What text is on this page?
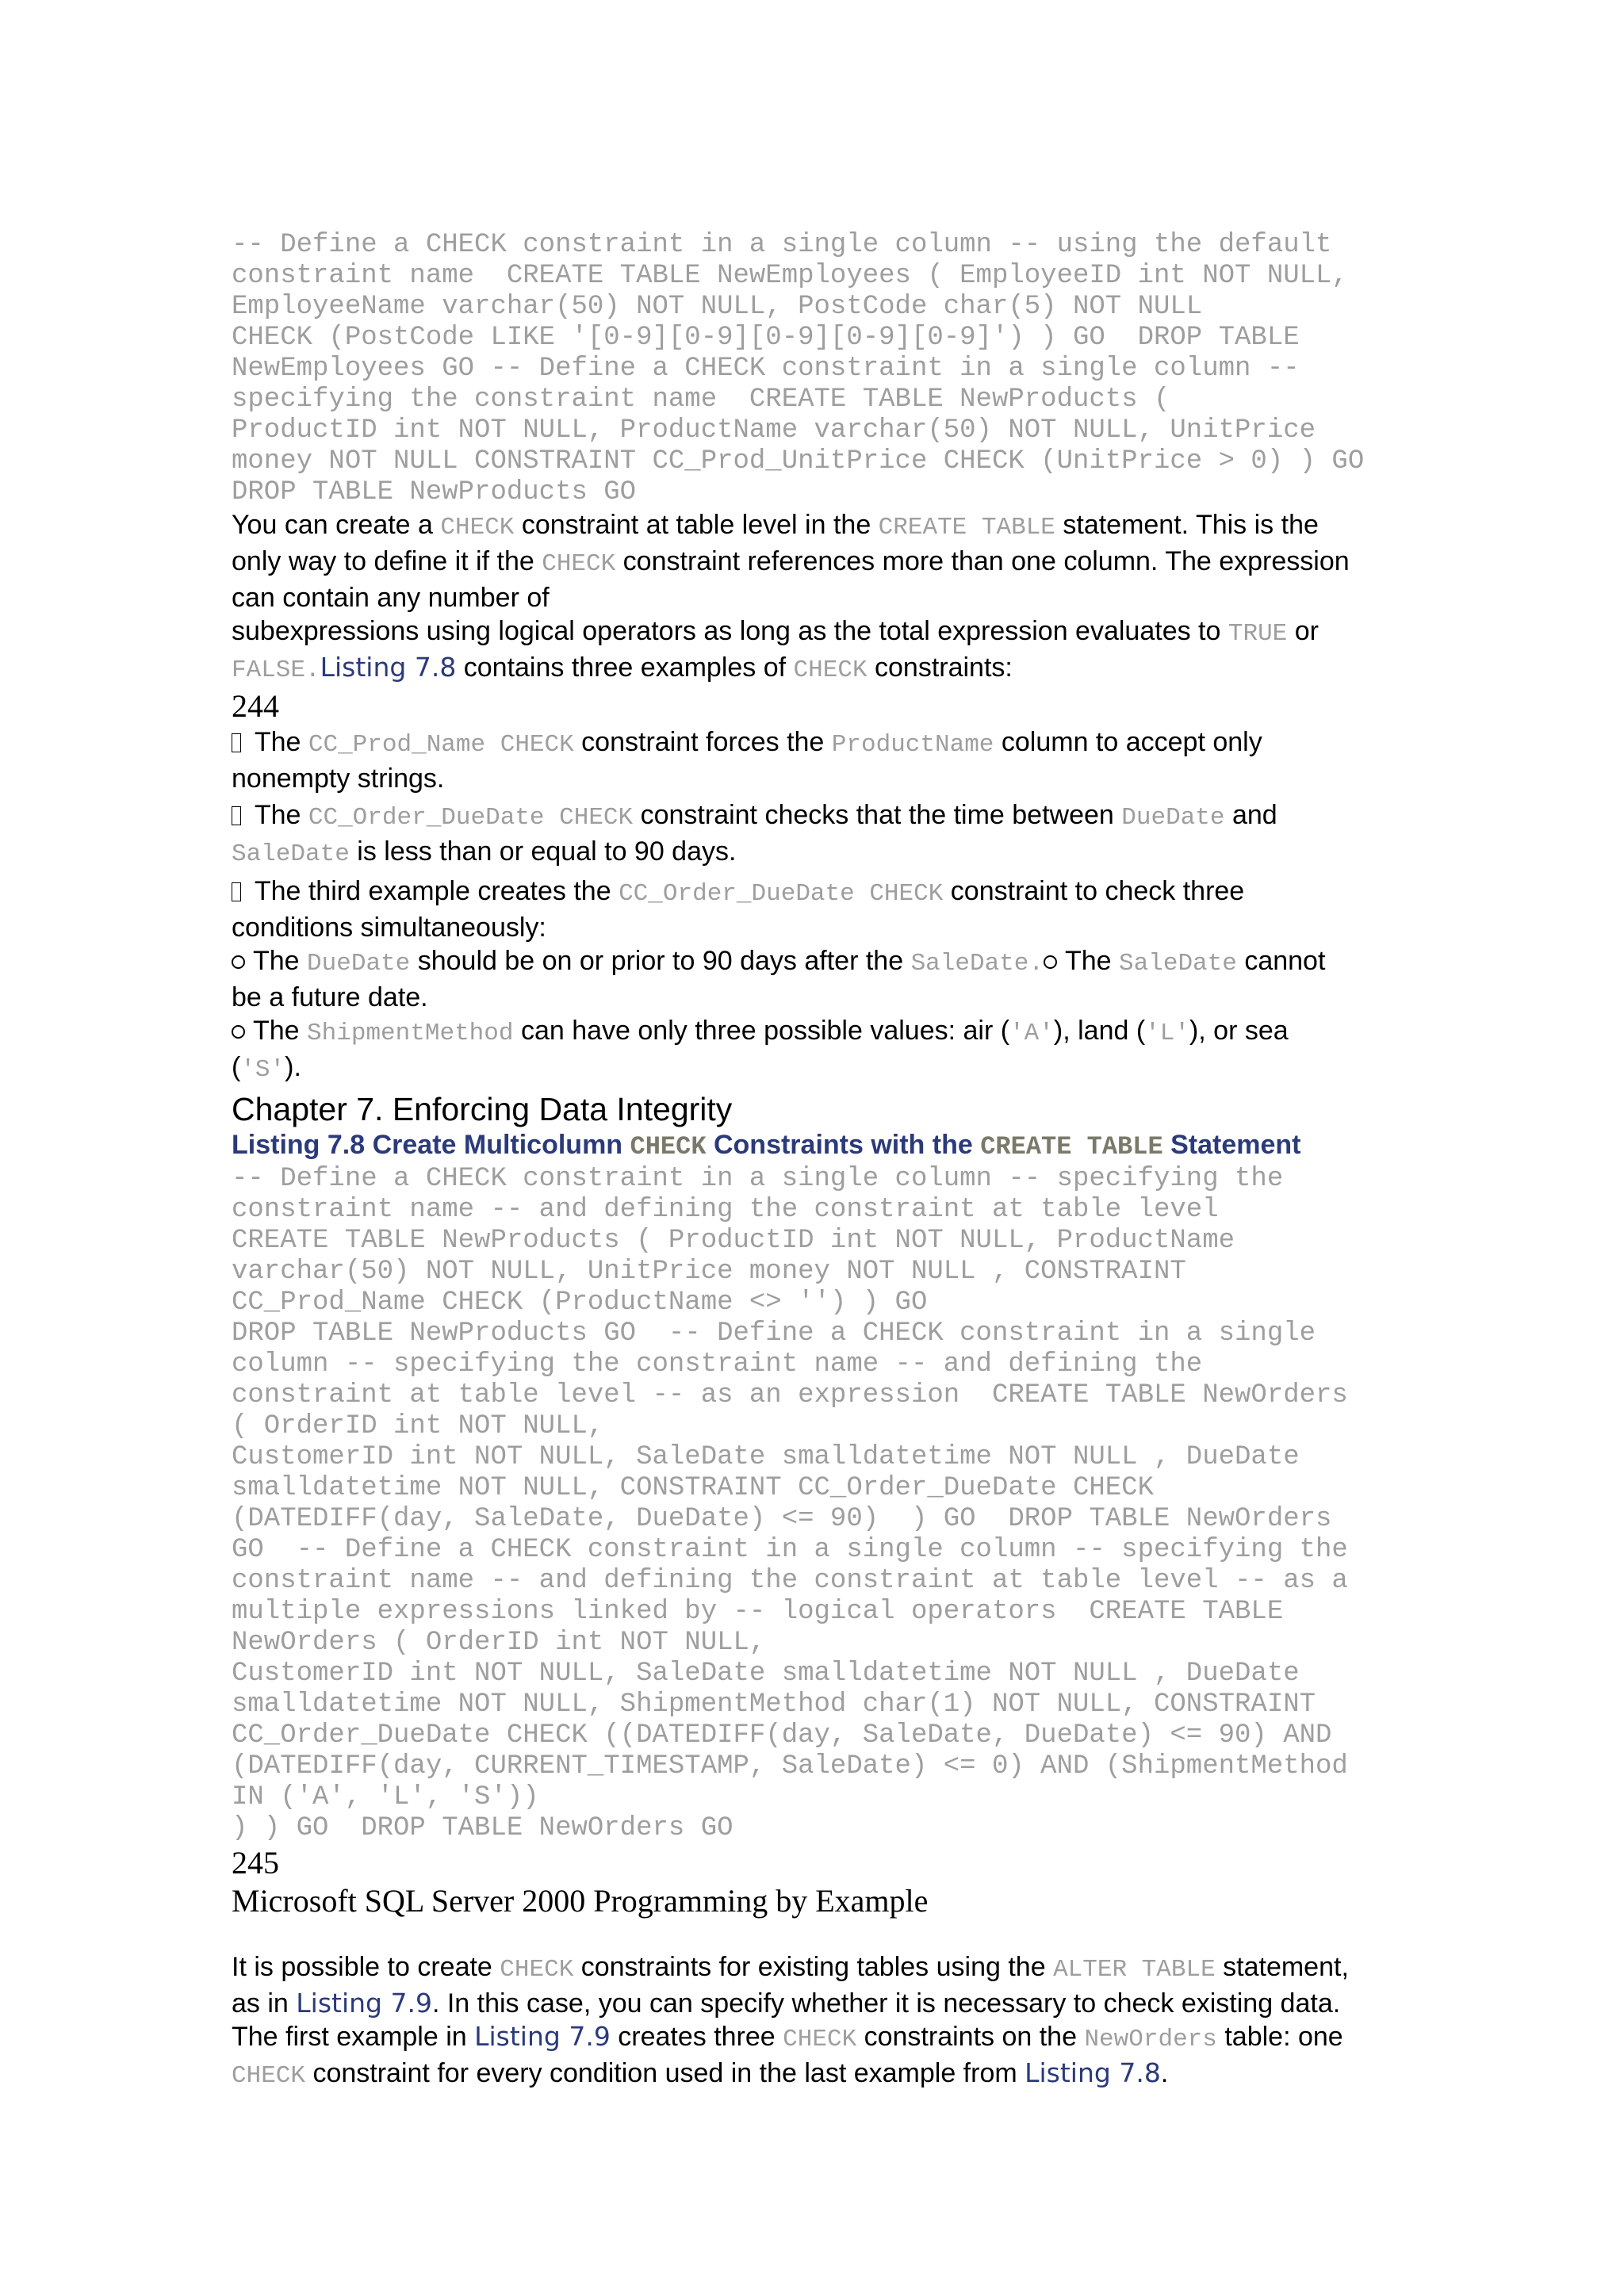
-- Define a CHECK constraint in a single column -- using the default
constraint name  CREATE TABLE NewEmployees ( EmployeeID int NOT NULL,
EmployeeName varchar(50) NOT NULL, PostCode char(5) NOT NULL
CHECK (PostCode LIKE '[0-9][0-9][0-9][0-9][0-9]') ) GO  DROP TABLE
NewEmployees GO -- Define a CHECK constraint in a single column --
specifying the constraint name  CREATE TABLE NewProducts (
ProductID int NOT NULL, ProductName varchar(50) NOT NULL, UnitPrice
money NOT NULL CONSTRAINT CC_Prod_UnitPrice CHECK (UnitPrice > 0) ) GO
DROP TABLE NewProducts GO

You can create a CHECK constraint at table level in the CREATE TABLE statement. This is the

only way to define it if the CHECK constraint references more than one column. The expression

can contain any number of

subexpressions using logical operators as long as the total expression evaluates to TRUE or

FALSE.Listing 7.8 contains three examples of CHECK constraints:

244

The CC_Prod_Name CHECK constraint forces the ProductName column to accept only

nonempty strings.

The CC_Order_DueDate CHECK constraint checks that the time between DueDate and

SaleDate is less than or equal to 90 days.

The third example creates the CC_Order_DueDate CHECK constraint to check three

conditions simultaneously:

The DueDate should be on or prior to 90 days after the SaleDate. The SaleDate cannot

be a future date.

The ShipmentMethod can have only three possible values: air ('A'), land ('L'), or sea

('S').

Chapter 7. Enforcing Data Integrity

Listing 7.8 Create Multicolumn CHECK Constraints with the CREATE TABLE Statement

-- Define a CHECK constraint in a single column -- specifying the
constraint name -- and defining the constraint at table level
CREATE TABLE NewProducts ( ProductID int NOT NULL, ProductName
varchar(50) NOT NULL, UnitPrice money NOT NULL , CONSTRAINT
CC_Prod_Name CHECK (ProductName <> '') ) GO
DROP TABLE NewProducts GO  -- Define a CHECK constraint in a single
column -- specifying the constraint name -- and defining the
constraint at table level -- as an expression  CREATE TABLE NewOrders
( OrderID int NOT NULL,
CustomerID int NOT NULL, SaleDate smalldatetime NOT NULL , DueDate
smalldatetime NOT NULL, CONSTRAINT CC_Order_DueDate CHECK
(DATEDIFF(day, SaleDate, DueDate) <= 90)  ) GO  DROP TABLE NewOrders
GO  -- Define a CHECK constraint in a single column -- specifying the
constraint name -- and defining the constraint at table level -- as a
multiple expressions linked by -- logical operators  CREATE TABLE
NewOrders ( OrderID int NOT NULL,
CustomerID int NOT NULL, SaleDate smalldatetime NOT NULL , DueDate
smalldatetime NOT NULL, ShipmentMethod char(1) NOT NULL, CONSTRAINT
CC_Order_DueDate CHECK ((DATEDIFF(day, SaleDate, DueDate) <= 90) AND
(DATEDIFF(day, CURRENT_TIMESTAMP, SaleDate) <= 0) AND (ShipmentMethod
IN ('A', 'L', 'S'))
) ) GO  DROP TABLE NewOrders GO

245

Microsoft SQL Server 2000 Programming by Example

It is possible to create CHECK constraints for existing tables using the ALTER TABLE statement,

as in Listing 7.9. In this case, you can specify whether it is necessary to check existing data.

The first example in Listing 7.9 creates three CHECK constraints on the NewOrders table: one

CHECK constraint for every condition used in the last example from Listing 7.8.
